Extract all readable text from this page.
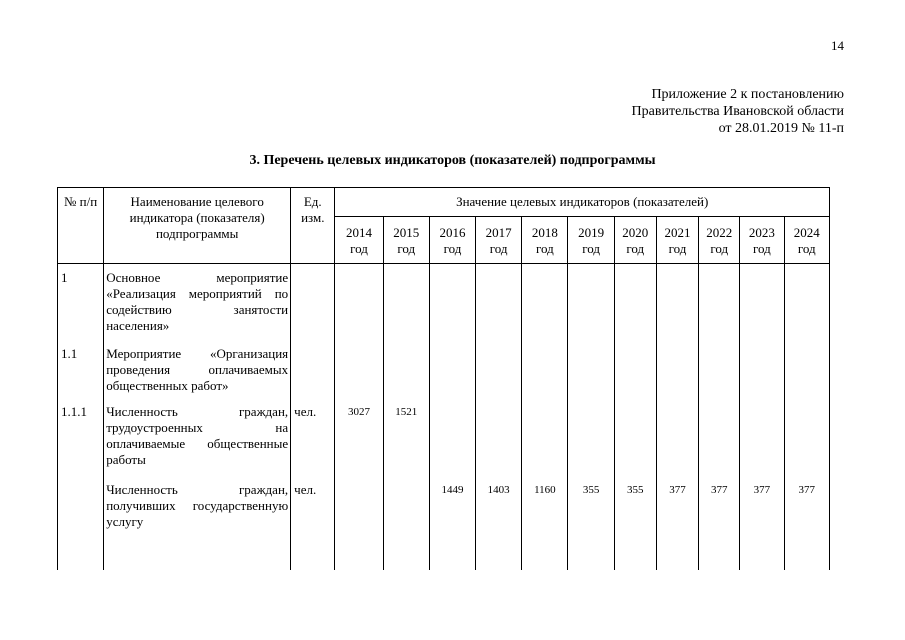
14
Приложение 2 к постановлению
Правительства Ивановской области
от 28.01.2019 № 11-п
3. Перечень целевых индикаторов (показателей) подпрограммы
№ п/п	Наименование целевого индикатора (показателя) подпрограммы	Ед. изм.	Значение целевых индикаторов (показателей)										
			2014 год	2015 год	2016 год	2017 год	2018 год	2019 год	2020 год	2021 год	2022 год	2023 год	2024 год
1	Основное мероприятие «Реализация мероприятий по содействию занятости населения»												
1.1	Мероприятие «Организация проведения оплачиваемых общественных работ»												
1.1.1	Численность граждан, трудоустроенных на оплачиваемые общественные работы	чел.	3027	1521									
	Численность граждан, получивших государственную услугу	чел.			1449	1403	1160	355	355	377	377	377	377
